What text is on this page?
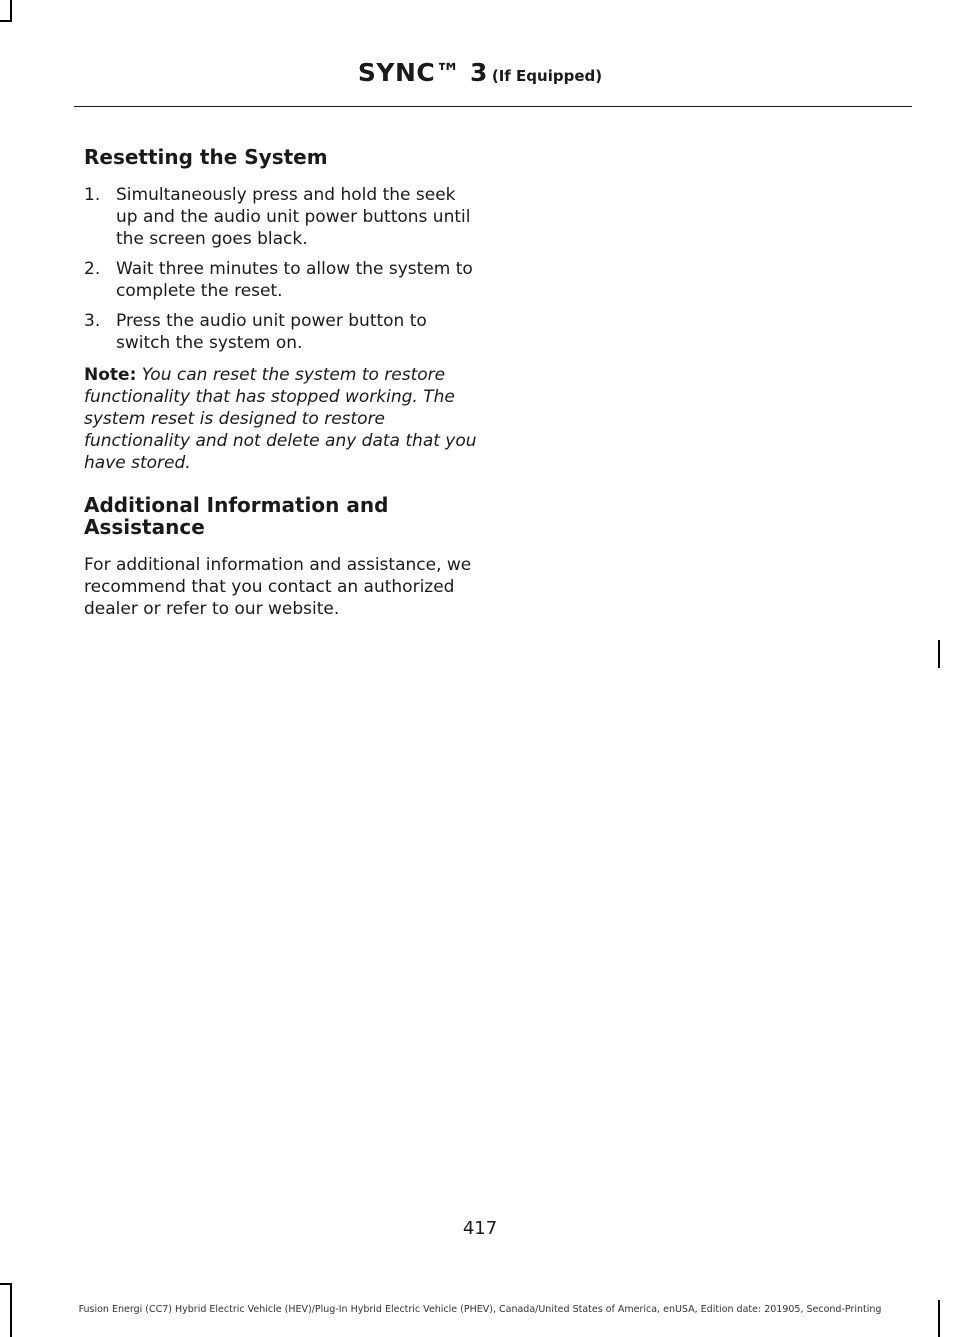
SYNC™ 3 (If Equipped)
Resetting the System
1. Simultaneously press and hold the seek up and the audio unit power buttons until the screen goes black.
2. Wait three minutes to allow the system to complete the reset.
3. Press the audio unit power button to switch the system on.
Note: You can reset the system to restore functionality that has stopped working. The system reset is designed to restore functionality and not delete any data that you have stored.
Additional Information and Assistance

For additional information and assistance, we recommend that you contact an authorized dealer or refer to our website.

417
Fusion Energi (CC7) Hybrid Electric Vehicle (HEV)/Plug-In Hybrid Electric Vehicle (PHEV), Canada/United States of America, enUSA, Edition date: 201905, Second-Printing
